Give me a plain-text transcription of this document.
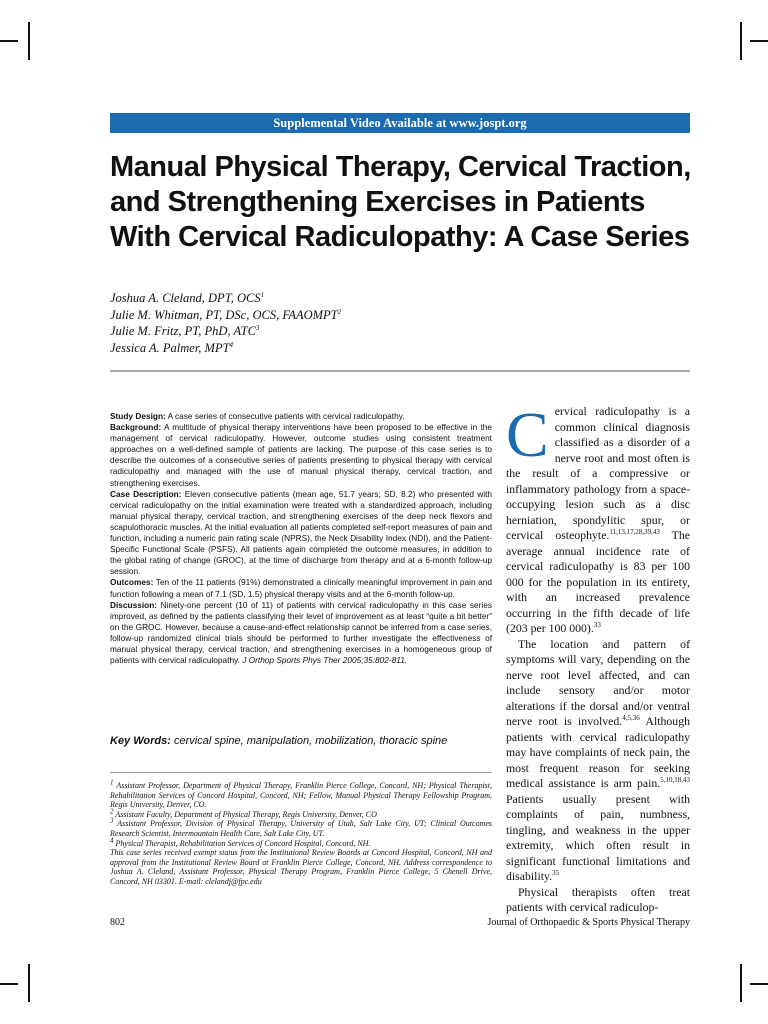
Supplemental Video Available at www.jospt.org
Manual Physical Therapy, Cervical Traction,
and Strengthening Exercises in Patients
With Cervical Radiculopathy: A Case Series
Joshua A. Cleland, DPT, OCS$^1$
Julie M. Whitman, PT, DSc, OCS, FAAOMPT$^2$
Julie M. Fritz, PT, PhD, ATC$^3$
Jessica A. Palmer, MPT$^4$

Study Design: A case series of consecutive patients with cervical radiculopathy.

Background: A multitude of physical therapy interventions have been proposed to be effective in the management of cervical radiculopathy. However, outcome studies using consistent treatment approaches on a well-defined sample of patients are lacking. The purpose of this case series is to describe the outcomes of a consecutive series of patients presenting to physical therapy with cervical radiculopathy and managed with the use of manual physical therapy, cervical traction, and strengthening exercises.

Case Description: Eleven consecutive patients (mean age, 51.7 years; SD, 8.2) who presented with cervical radiculopathy on the initial examination were treated with a standardized approach, including manual physical therapy, cervical traction, and strengthening exercises of the deep neck flexors and scapulothoracic muscles. At the initial evaluation all patients completed self-report measures of pain and function, including a numeric pain rating scale (NPRS), the Neck Disability Index (NDI), and the Patient-Specific Functional Scale (PSFS). All patients again completed the outcome measures, in addition to the global rating of change (GROC), at the time of discharge from therapy and at a 6-month follow-up session.

Outcomes: Ten of the 11 patients (91%) demonstrated a clinically meaningful improvement in pain and function following a mean of 7.1 (SD, 1.5) physical therapy visits and at the 6-month follow-up.

Discussion: Ninety-one percent (10 of 11) of patients with cervical radiculopathy in this case series improved, as defined by the patients classifying their level of improvement as at least “quite a bit better” on the GROC. However, because a cause-and-effect relationship cannot be inferred from a case series, follow-up randomized clinical trials should be performed to further investigate the effectiveness of manual physical therapy, cervical traction, and strengthening exercises in a homogeneous group of patients with cervical radiculopathy. J Orthop Sports Phys Ther 2005;35:802-811.

Key Words: cervical spine, manipulation, mobilization, thoracic spine

$^1$ Assistant Professor, Department of Physical Therapy, Franklin Pierce College, Concord, NH; Physical Therapist, Rehabilitation Services of Concord Hospital, Concord, NH; Fellow, Manual Physical Therapy Fellowship Program, Regis University, Denver, CO.

$^2$ Assistant Faculty, Department of Physical Therapy, Regis University, Denver, CO

$^3$ Assistant Professor, Division of Physical Therapy, University of Utah, Salt Lake City, UT; Clinical Outcomes Research Scientist, Intermountain Health Care, Salt Lake City, UT.

$^4$ Physical Therapist, Rehabilitation Services of Concord Hospital, Concord, NH.

This case series received exempt status from the Institutional Review Boards at Concord Hospital, Concord, NH and approval from the Institutional Review Board at Franklin Pierce College, Concord, NH. Address correspondence to Joshua A. Cleland, Assistant Professor, Physical Therapy Program, Franklin Pierce College, 5 Chenell Drive, Concord, NH 03301. E-mail: clelandj@fpc.edu

Cervical radiculopathy is a common clinical diagnosis classified as a disorder of a nerve root and most often is the result of a compressive or inflammatory pathology from a space-occupying lesion such as a disc herniation, spondylitic spur, or cervical osteophyte.$^{11,13,17,28,39,43}$ The average annual incidence rate of cervical radiculopathy is 83 per 100 000 for the population in its entirety, with an increased prevalence occurring in the fifth decade of life (203 per 100 000).$^{33}$

The location and pattern of symptoms will vary, depending on the nerve root level affected, and can include sensory and/or motor alterations if the dorsal and/or ventral nerve root is involved.$^{4,5,36}$ Although patients with cervical radiculopathy may have complaints of neck pain, the most frequent reason for seeking medical assistance is arm pain.$^{5,10,18,43}$ Patients usually present with complaints of pain, numbness, tingling, and weakness in the upper extremity, which often result in significant functional limitations and disability.$^{35}$

Physical therapists often treat patients with cervical radiculop-

802	Journal of Orthopaedic & Sports Physical Therapy
